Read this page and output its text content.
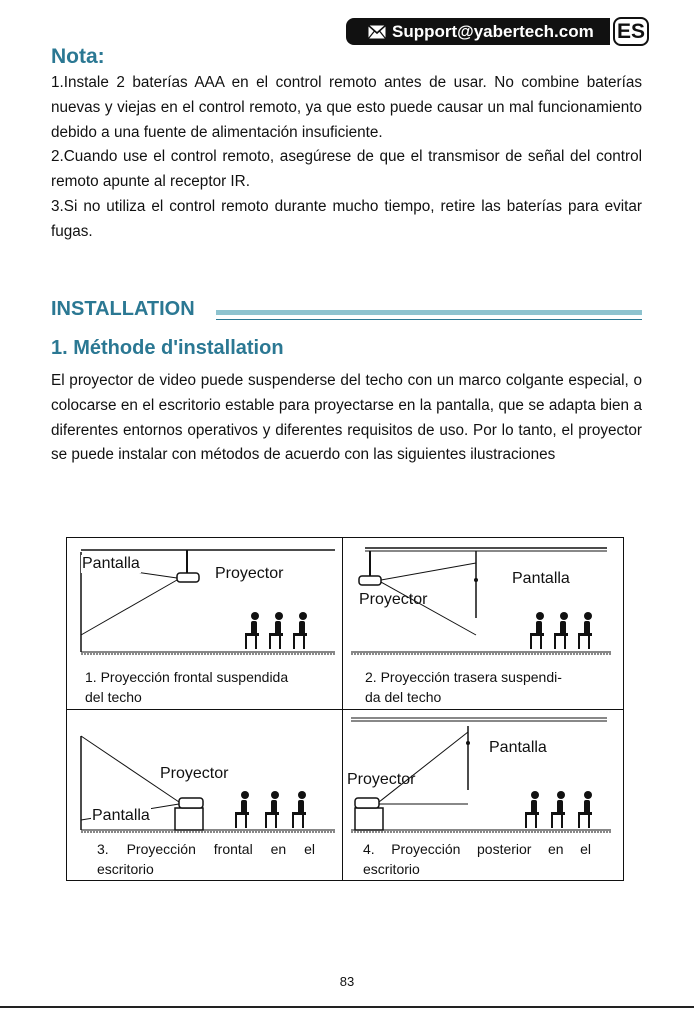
Support@yabertech.com ES
Nota:

1.Instale 2 baterías AAA en el control remoto antes de usar. No combine baterías nuevas y viejas en el control remoto, ya que esto puede causar un mal funcionamiento debido a una fuente de alimentación insuficiente.

2.Cuando use el control remoto, asegúrese de que el transmisor de señal del control remoto apunte al receptor IR.

3.Si no utiliza el control remoto durante mucho tiempo, retire las baterías para evitar fugas.

INSTALLATION
1. Méthode d'installation

El proyector de video puede suspenderse del techo con un marco colgante especial, o colocarse en el escritorio estable para proyectarse en la pantalla, que se adapta bien a diferentes entornos operativos y diferentes requisitos de uso. Por lo tanto, el proyector se puede instalar con métodos de acuerdo con las siguientes ilustraciones

Pantalla
Proyector
1. Proyección frontal suspendida
del techo
Pantalla
Proyector
2. Proyección trasera suspendi-
da del techo
Pantalla
Proyector
3. Proyección frontal en el
escritorio
Pantalla
Proyector
4. Proyección posterior en el
escritorio
83
